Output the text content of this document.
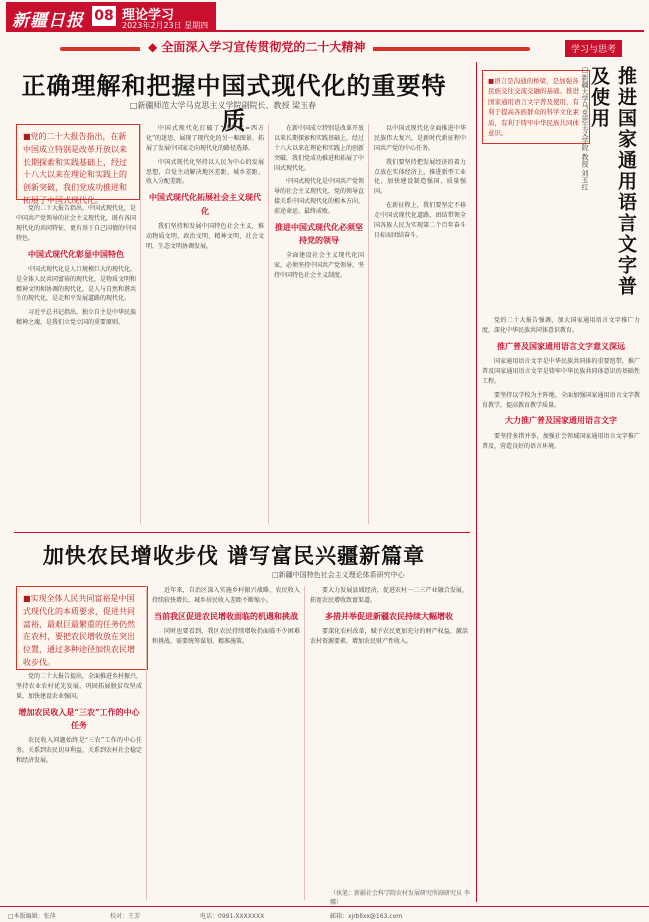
新疆日报 08 理论学习
2023年2月23日 星期四
◆ 全面深入学习宣传贯彻党的二十大精神	学习与思考
正确理解和把握中国式现代化的重要特质
□新疆师范大学马克思主义学院副院长、教授 梁玉春
■党的二十大报告指出，在新中国成立特别是改革开放以来长期探索和实践基础上，经过十八大以来在理论和实践上的创新突破，我们党成功推进和拓展了中国式现代化。

党的二十大报告指出，中国式现代化，是中国共产党领导的社会主义现代化，既有各国现代化的共同特征，更有基于自己国情的中国特色。

中国式现代化彰显中国特色

中国式现代化是人口规模巨大的现代化，是全体人民共同富裕的现代化，是物质文明和精神文明相协调的现代化，是人与自然和谐共生的现代化，是走和平发展道路的现代化。

习近平总书记指出，独立自主是中华民族精神之魂，是我们立党立国的重要原则。

中国式现代化打破了“现代化=西方化”的迷思，展现了现代化的另一幅图景，拓展了发展中国家走向现代化的路径选择。

中国式现代化坚持以人民为中心的发展思想，自觉主动解决地区差距、城乡差距、收入分配差距。

中国式现代化拓展社会主义现代化

我们坚持和发展中国特色社会主义，推动物质文明、政治文明、精神文明、社会文明、生态文明协调发展。

在新中国成立特别是改革开放以来长期探索和实践基础上，经过十八大以来在理论和实践上的创新突破，我们党成功推进和拓展了中国式现代化。

中国式现代化是中国共产党领导的社会主义现代化，党的领导直接关系中国式现代化的根本方向、前途命运、最终成败。

推进中国式现代化必须坚持党的领导

全面建设社会主义现代化国家，必须坚持中国共产党领导，坚持中国特色社会主义制度。

以中国式现代化全面推进中华民族伟大复兴，是新时代新征程中国共产党的中心任务。

我们要坚持把发展经济的着力点放在实体经济上，推进新型工业化，加快建设制造强国、质量强国。

在新征程上，我们要坚定不移走中国式现代化道路，团结带领全国各族人民为实现第二个百年奋斗目标而团结奋斗。

加快农民增收步伐 谱写富民兴疆新篇章
□新疆中国特色社会主义理论体系研究中心
■实现全体人民共同富裕是中国式现代化的本质要求，促进共同富裕，最艰巨最繁重的任务仍然在农村，要把农民增收放在突出位置，通过多种途径加快农民增收步伐。

党的二十大报告提出，全面推进乡村振兴，坚持农业农村优先发展，巩固拓展脱贫攻坚成果，加快建设农业强国。

增加农民收入是“三农”工作的中心任务

农民收入问题始终是“三农”工作的中心任务，关系到农民切身利益，关系到农村社会稳定和经济发展。

近年来，自治区深入实施乡村振兴战略，农民收入持续较快增长，城乡居民收入差距不断缩小。

当前我区促进农民增收面临的机遇和挑战

同时也要看到，我区农民持续增收仍面临不少困难和挑战，需要统筹谋划、精准施策。

要大力发展县域经济，促进农村一二三产业融合发展，拓宽农民增收致富渠道。

多措并举促进新疆农民持续大幅增收

要深化农村改革，赋予农民更加充分的财产权益，激活农村资源要素，增加农民财产性收入。

（执笔：新疆社会科学院农村发展研究所副研究员 李娜）
■语言是沟通的桥梁，是加强各民族交往交流交融的基础。推进国家通用语言文字普及使用，有利于提高各族群众的科学文化素质，有利于铸牢中华民族共同体意识。	□新疆大学马克思主义学院 教授 刘玉红	推进国家通用语言文字普及使用

党的二十大报告强调，加大国家通用语言文字推广力度，深化中华民族共同体意识教育。

推广普及国家通用语言文字意义深远

国家通用语言文字是中华民族共同体的重要纽带，推广普及国家通用语言文字是铸牢中华民族共同体意识的基础性工程。

要坚持以学校为主阵地，全面加强国家通用语言文字教育教学，提高教育教学质量。

大力推广普及国家通用语言文字

要坚持多措并举，加强社会领域国家通用语言文字推广普及，营造良好的语言环境。

□本版编辑：张萍	校对：王芳	电话：0991-XXXXXXX	邮箱：xjrbllxx@163.com
